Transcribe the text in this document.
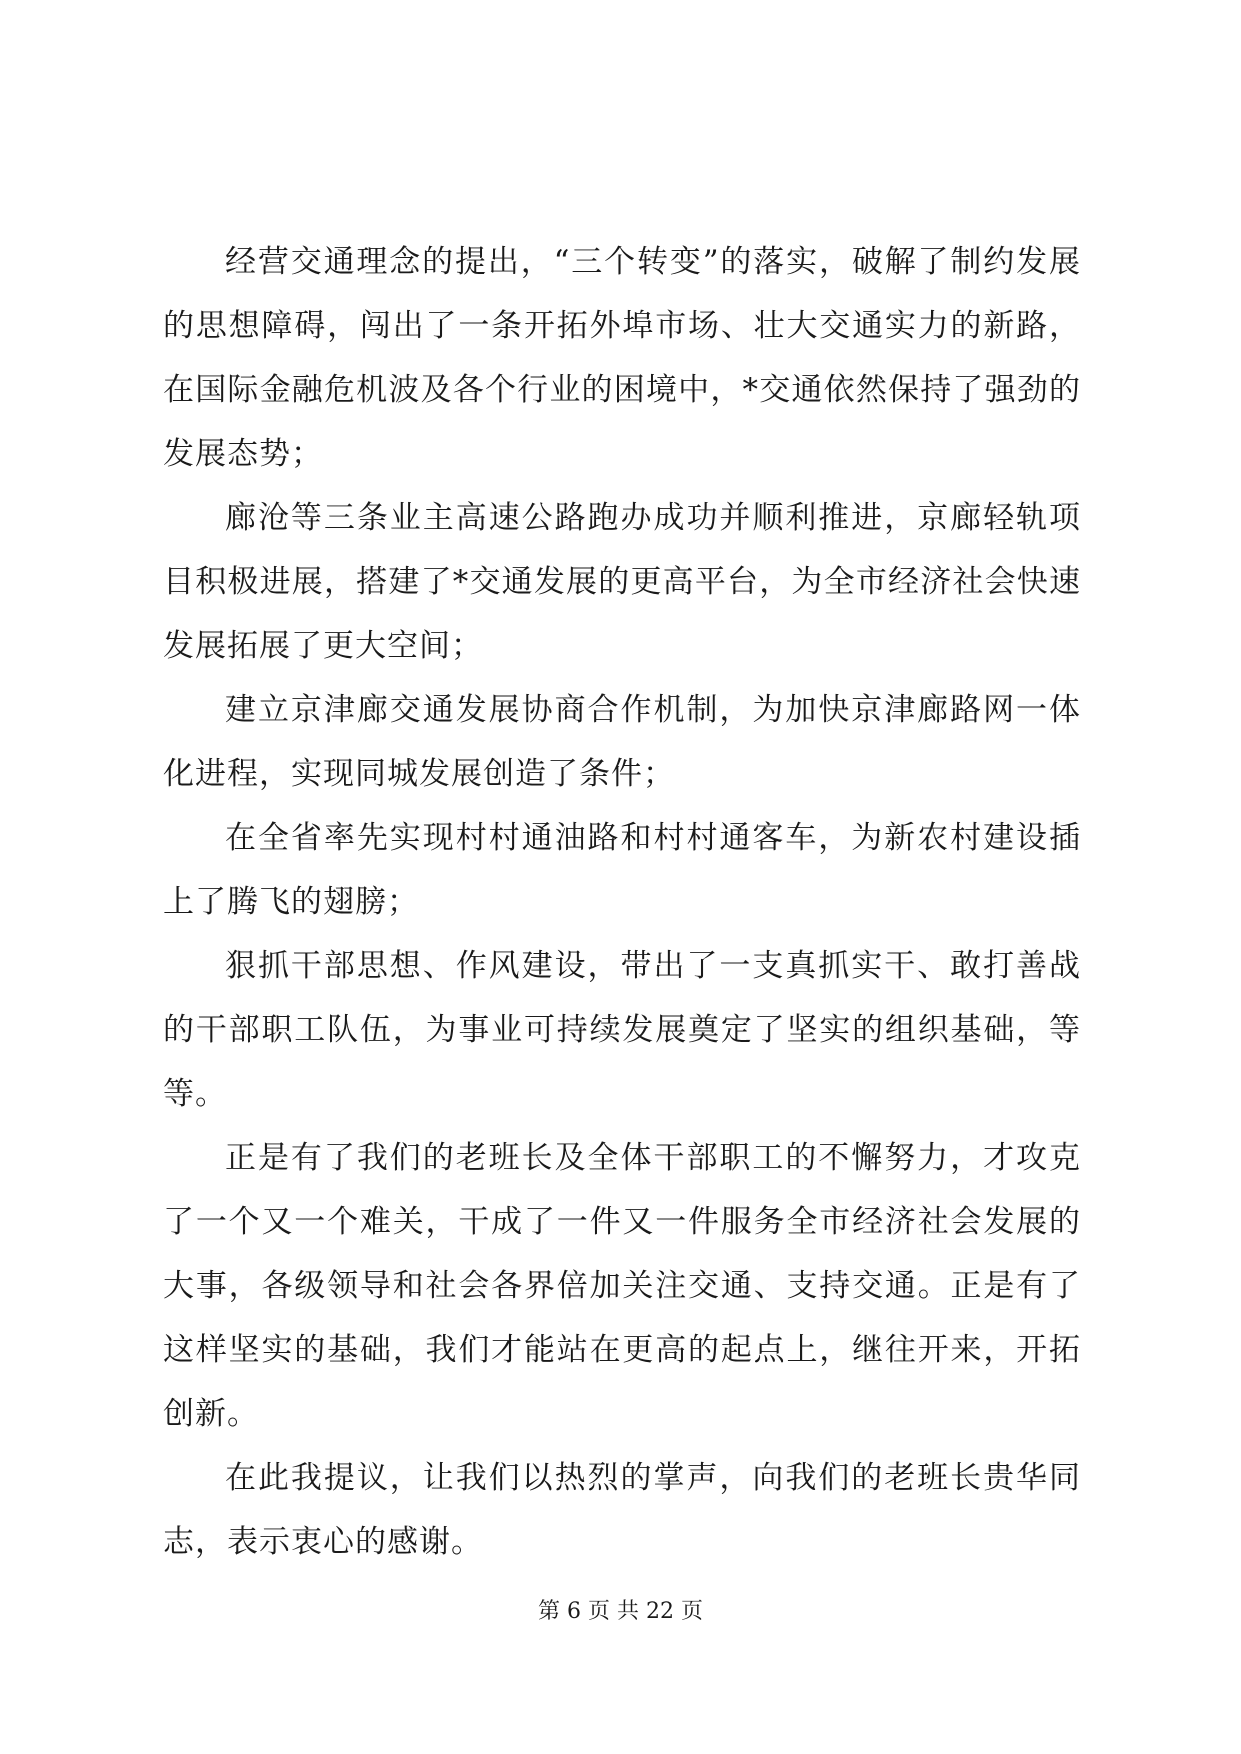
经营交通理念的提出，“三个转变”的落实，破解了制约发展的思想障碍，闯出了一条开拓外埠市场、壮大交通实力的新路，在国际金融危机波及各个行业的困境中，*交通依然保持了强劲的发展态势；

廊沧等三条业主高速公路跑办成功并顺利推进，京廊轻轨项目积极进展，搭建了*交通发展的更高平台，为全市经济社会快速发展拓展了更大空间；

建立京津廊交通发展协商合作机制，为加快京津廊路网一体化进程，实现同城发展创造了条件；

在全省率先实现村村通油路和村村通客车，为新农村建设插上了腾飞的翅膀；

狠抓干部思想、作风建设，带出了一支真抓实干、敢打善战的干部职工队伍，为事业可持续发展奠定了坚实的组织基础，等等。

正是有了我们的老班长及全体干部职工的不懈努力，才攻克了一个又一个难关，干成了一件又一件服务全市经济社会发展的大事，各级领导和社会各界倍加关注交通、支持交通。正是有了这样坚实的基础，我们才能站在更高的起点上，继往开来，开拓创新。

在此我提议，让我们以热烈的掌声，向我们的老班长贵华同志，表示衷心的感谢。

第 6 页 共 22 页
